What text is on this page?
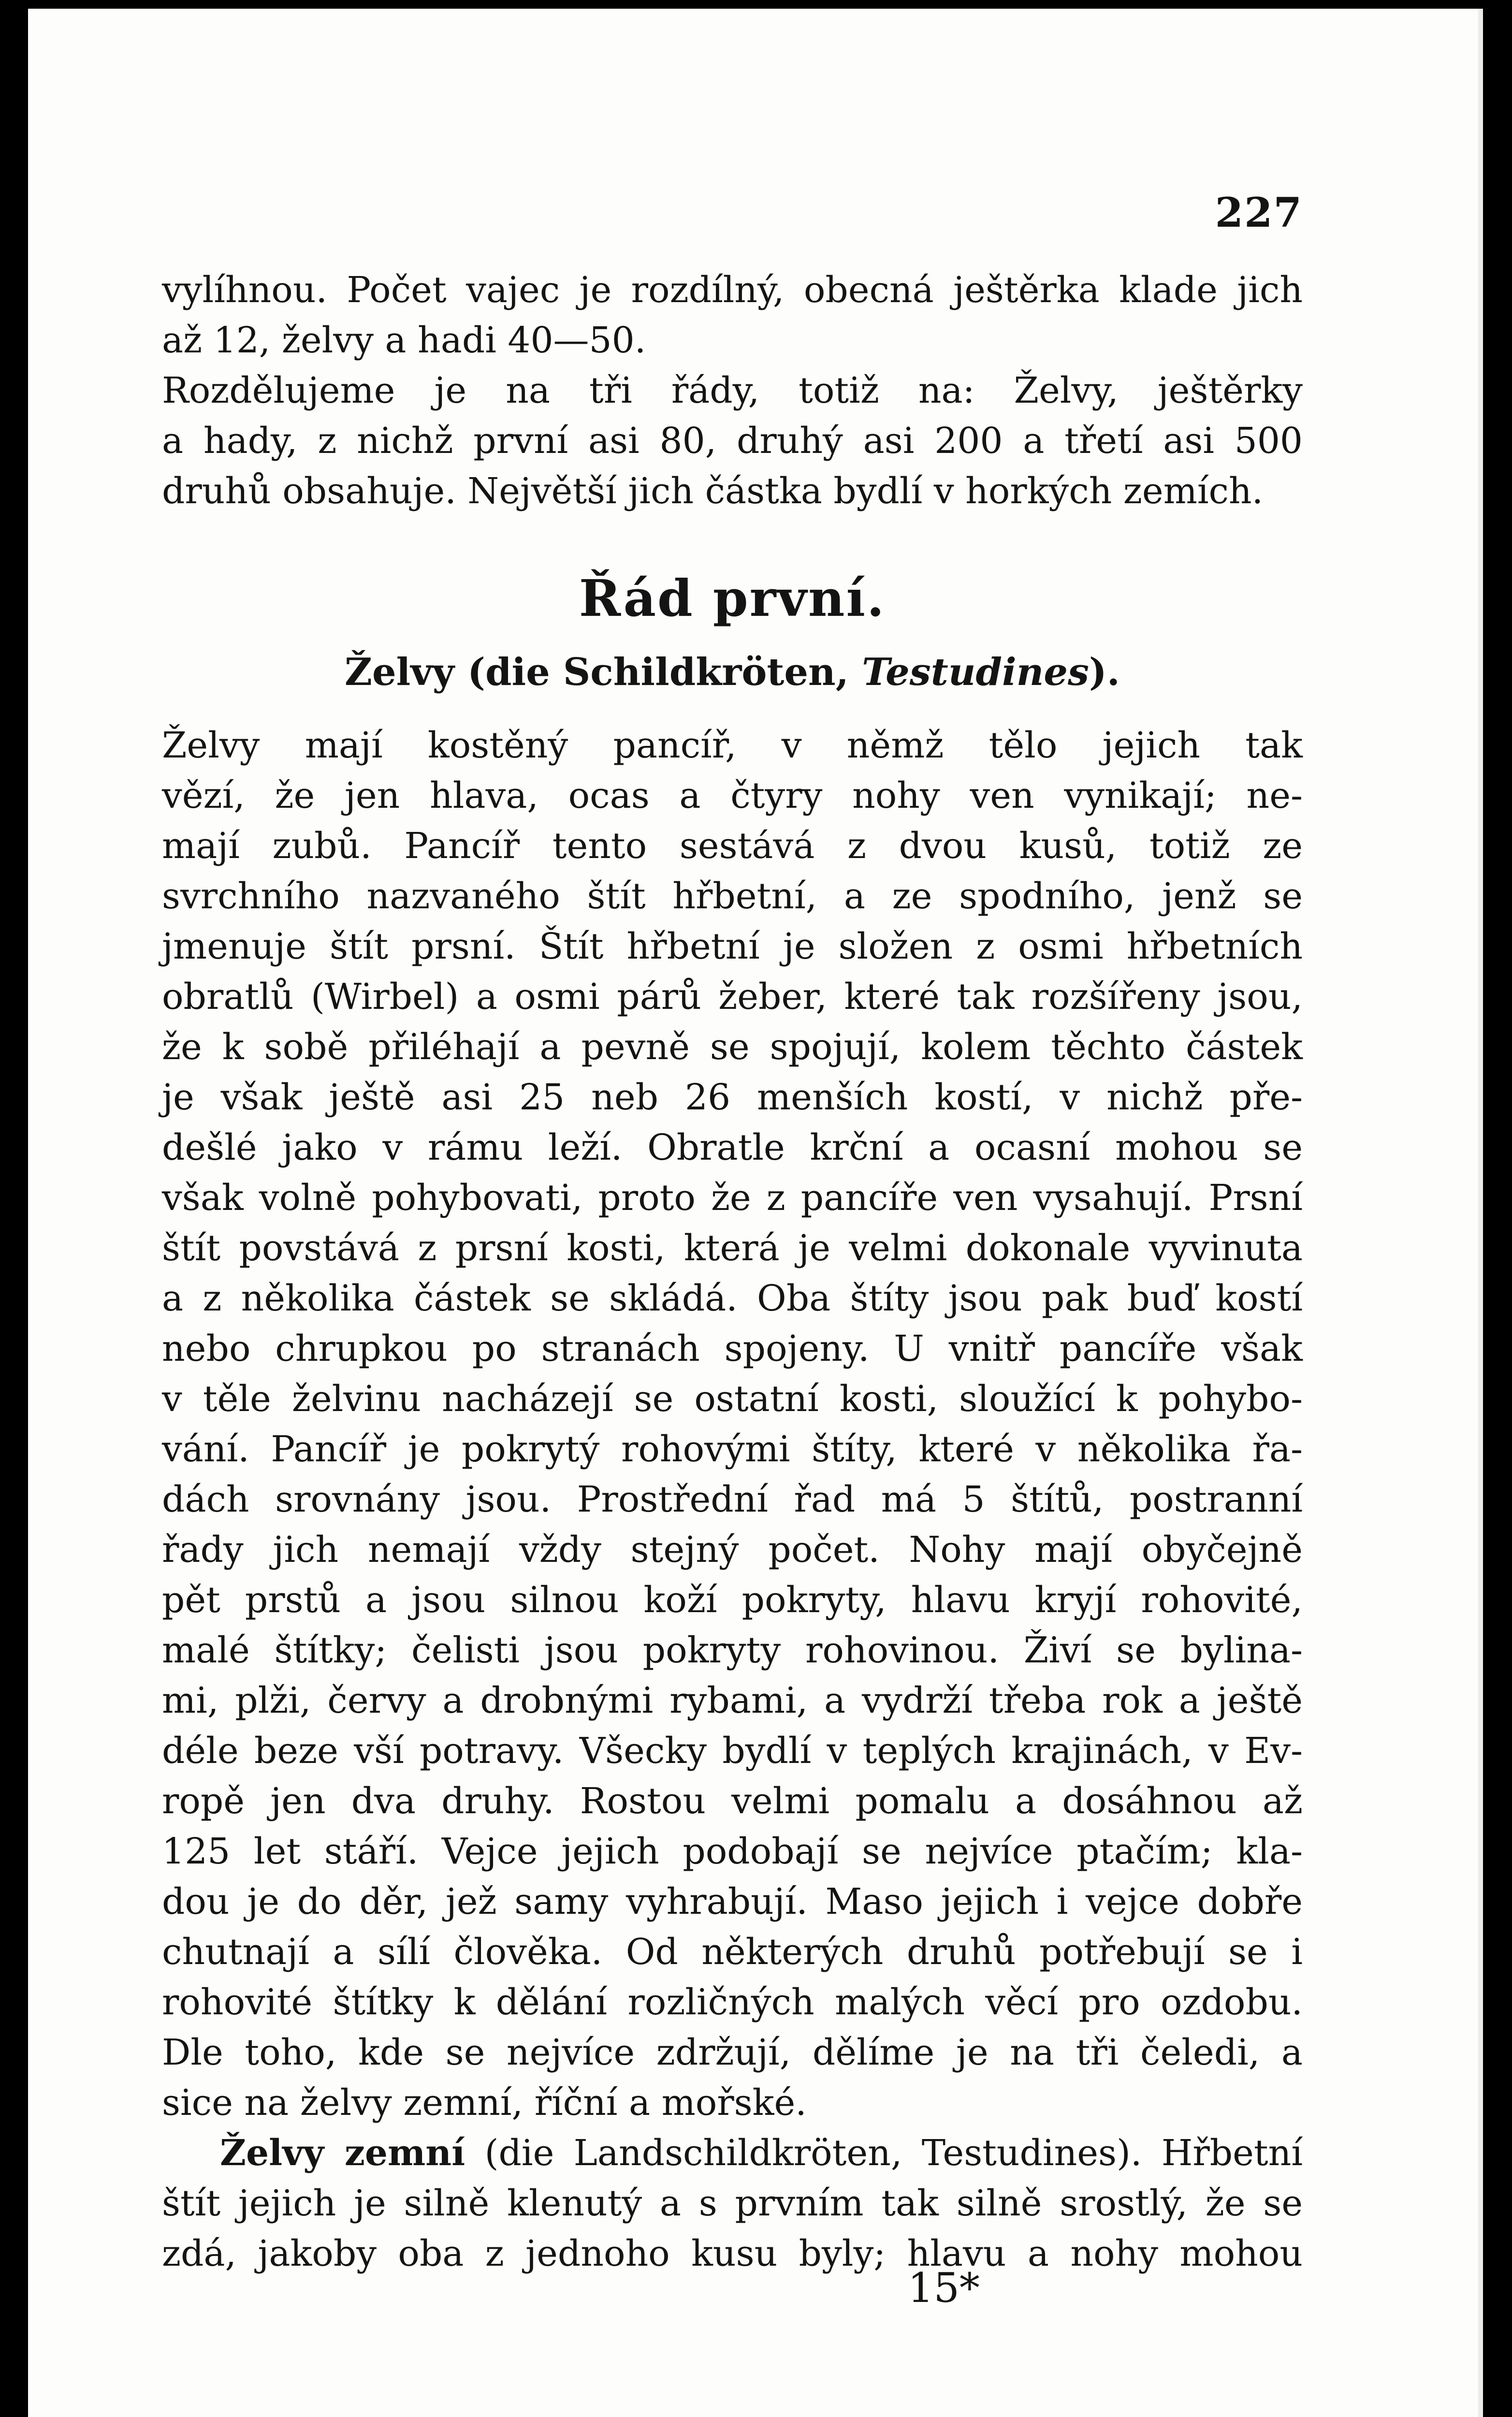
227
vylíhnou. Počet vajec je rozdílný, obecná ještěrka klade jich
až 12, želvy a hadi 40—50.
Rozdělujeme je na tři řády, totiž na: Želvy, ještěrky
a hady, z nichž první asi 80, druhý asi 200 a třetí asi 500
druhů obsahuje. Největší jich částka bydlí v horkých zemích.
Řád první.
Želvy (die Schildkröten, Testudines).
Želvy mají kostěný pancíř, v němž tělo jejich tak
vězí, že jen hlava, ocas a čtyry nohy ven vynikají; ne-
mají zubů. Pancíř tento sestává z dvou kusů, totiž ze
svrchního nazvaného štít hřbetní, a ze spodního, jenž se
jmenuje štít prsní. Štít hřbetní je složen z osmi hřbetních
obratlů (Wirbel) a osmi párů žeber, které tak rozšířeny jsou,
že k sobě přiléhají a pevně se spojují, kolem těchto částek
je však ještě asi 25 neb 26 menších kostí, v nichž pře-
dešlé jako v rámu leží. Obratle krční a ocasní mohou se
však volně pohybovati, proto že z pancíře ven vysahují. Prsní
štít povstává z prsní kosti, která je velmi dokonale vyvinuta
a z několika částek se skládá. Oba štíty jsou pak buď kostí
nebo chrupkou po stranách spojeny. U vnitř pancíře však
v těle želvinu nacházejí se ostatní kosti, sloužící k pohybo-
vání. Pancíř je pokrytý rohovými štíty, které v několika řa-
dách srovnány jsou. Prostřední řad má 5 štítů, postranní
řady jich nemají vždy stejný počet. Nohy mají obyčejně
pět prstů a jsou silnou koží pokryty, hlavu kryjí rohovité,
malé štítky; čelisti jsou pokryty rohovinou. Živí se bylina-
mi, plži, červy a drobnými rybami, a vydrží třeba rok a ještě
déle beze vší potravy. Všecky bydlí v teplých krajinách, v Ev-
ropě jen dva druhy. Rostou velmi pomalu a dosáhnou až
125 let stáří. Vejce jejich podobají se nejvíce ptačím; kla-
dou je do děr, jež samy vyhrabují. Maso jejich i vejce dobře
chutnají a sílí člověka. Od některých druhů potřebují se i
rohovité štítky k dělání rozličných malých věcí pro ozdobu.
Dle toho, kde se nejvíce zdržují, dělíme je na tři čeledi, a
sice na želvy zemní, říční a mořské.
Želvy zemní (die Landschildkröten, Testudines). Hřbetní
štít jejich je silně klenutý a s prvním tak silně srostlý, že se
zdá, jakoby oba z jednoho kusu byly; hlavu a nohy mohou
15*
